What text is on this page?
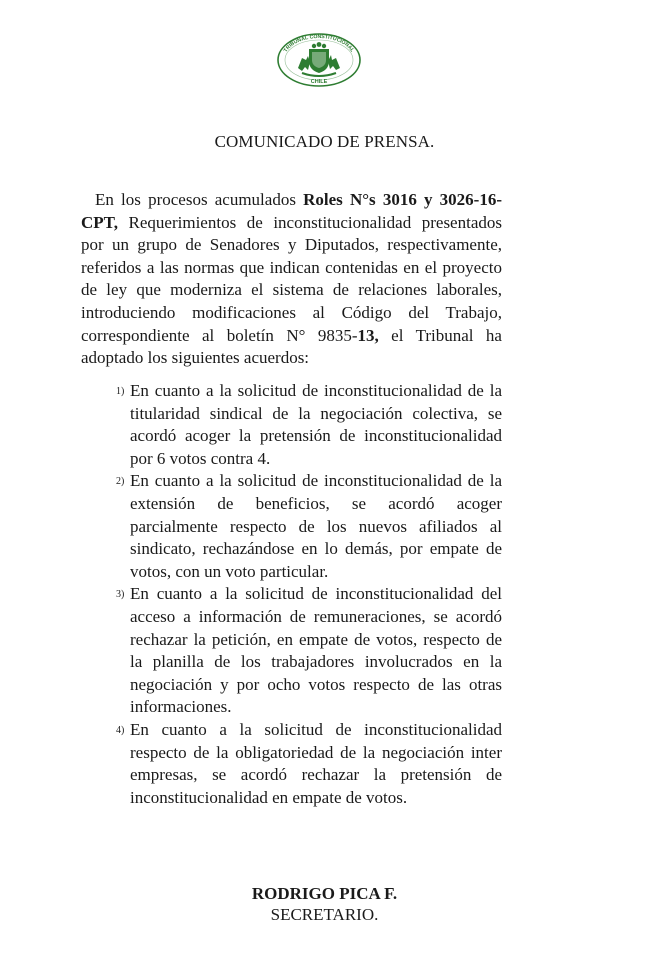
TRIBUNAL CONSTITUCIONAL
CHILE
COMUNICADO DE PRENSA.

En los procesos acumulados Roles N°s 3016 y 3026-16-CPT, Requerimientos de inconstitucionalidad presentados por un grupo de Senadores y Diputados, respectivamente, referidos a las normas que indican contenidas en el proyecto de ley que moderniza el sistema de relaciones laborales, introduciendo modificaciones al Código del Trabajo, correspondiente al boletín N° 9835-13, el Tribunal ha adoptado los siguientes acuerdos:

1) En cuanto a la solicitud de inconstitucionalidad de la titularidad sindical de la negociación colectiva, se acordó acoger la pretensión de inconstitucionalidad por 6 votos contra 4.
2) En cuanto a la solicitud de inconstitucionalidad de la extensión de beneficios, se acordó acoger parcialmente respecto de los nuevos afiliados al sindicato, rechazándose en lo demás, por empate de votos, con un voto particular.
3) En cuanto a la solicitud de inconstitucionalidad del acceso a información de remuneraciones, se acordó rechazar la petición, en empate de votos, respecto de la planilla de los trabajadores involucrados en la negociación y por ocho votos respecto de las otras informaciones.
4) En cuanto a la solicitud de inconstitucionalidad respecto de la obligatoriedad de la negociación inter empresas, se acordó rechazar la pretensión de inconstitucionalidad en empate de votos.
RODRIGO PICA F.
SECRETARIO.
